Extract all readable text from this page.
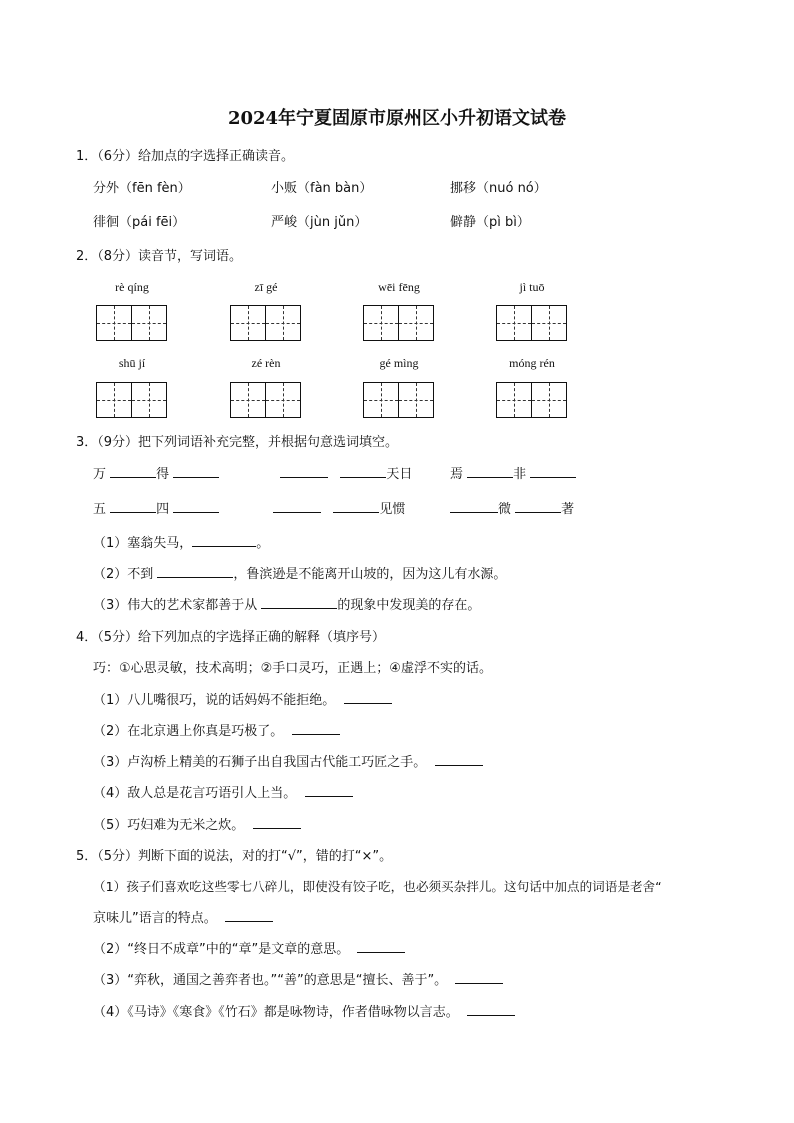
2024年宁夏固原市原州区小升初语文试卷
1．（6分）给加点的字选择正确读音。
分外（fēn fèn）	小贩（fàn bàn）	挪移（nuó nó）
徘徊（pái fēi）	严峻（jùn jǔn）	僻静（pì bì）
2．（8分）读音节，写词语。
rè qíng	zī gé	wēi fēng	jì tuō
shū jí	zé rèn	gé mìng	móng rén
3．（9分）把下列词语补充完整，并根据句意选词填空。
万	得	天日	焉	非
五	四	见惯	微	著
（1）塞翁失马，	。
（2）不到	，鲁滨逊是不能离开山坡的，因为这儿有水源。
（3）伟大的艺术家都善于从	的现象中发现美的存在。
4．（5分）给下列加点的字选择正确的解释（填序号）
巧：①心思灵敏，技术高明；②手口灵巧，正遇上；④虚浮不实的话。
（1）八儿嘴很巧，说的话妈妈不能拒绝。
（2）在北京遇上你真是巧极了。
（3）卢沟桥上精美的石狮子出自我国古代能工巧匠之手。
（4）敌人总是花言巧语引人上当。
（5）巧妇难为无米之炊。
5．（5分）判断下面的说法，对的打“√”，错的打“×”。
（1）孩子们喜欢吃这些零七八碎儿，即使没有饺子吃，也必须买杂拌儿。这句话中加点的词语是老舍“
京味儿”语言的特点。
（2）“终日不成章”中的“章”是文章的意思。
（3）“弈秋，通国之善弈者也。”“善”的意思是“擅长、善于”。
（4）《马诗》《寒食》《竹石》都是咏物诗，作者借咏物以言志。
